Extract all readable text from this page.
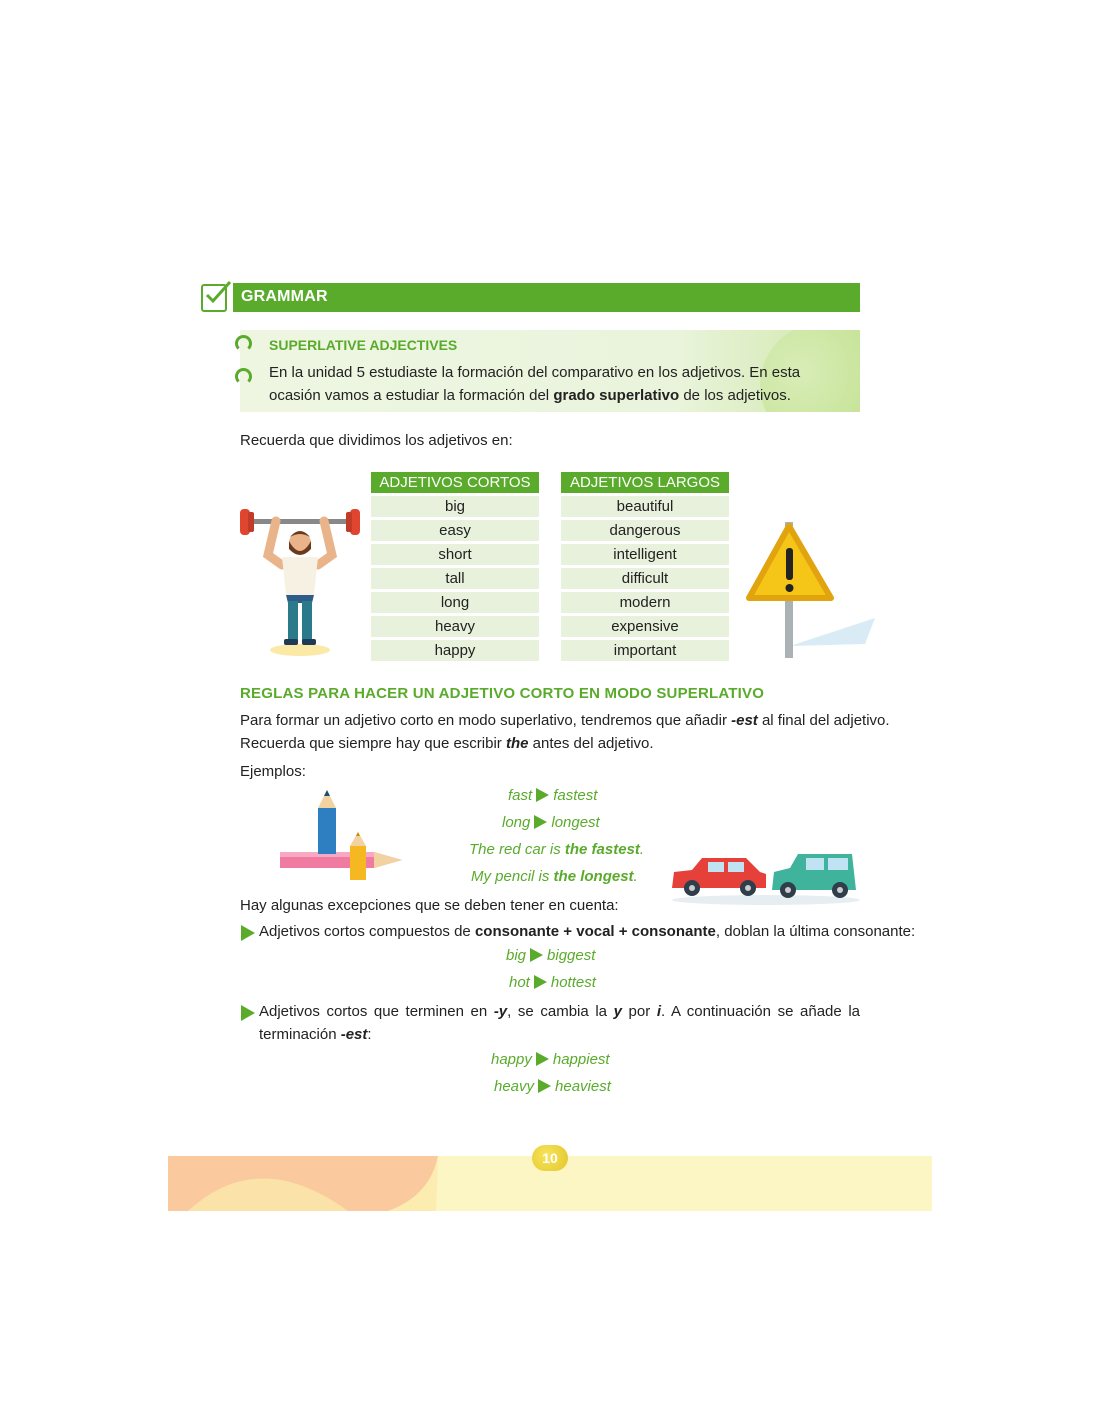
GRAMMAR
SUPERLATIVE ADJECTIVES
En la unidad 5 estudiaste la formación del comparativo en los adjetivos. En esta ocasión vamos a estudiar la formación del grado superlativo de los adjetivos.
Recuerda que dividimos los adjetivos en:
ADJETIVOS CORTOS
big
easy
short
tall
long
heavy
happy
ADJETIVOS LARGOS
beautiful
dangerous
intelligent
difficult
modern
expensive
important
REGLAS PARA HACER UN ADJETIVO CORTO EN MODO SUPERLATIVO
Para formar un adjetivo corto en modo superlativo, tendremos que añadir -est al final del adjetivo.
Recuerda que siempre hay que escribir the antes del adjetivo.
Ejemplos:
fast fastest
long longest
The red car is the fastest.
My pencil is the longest.
Hay algunas excepciones que se deben tener en cuenta:
Adjetivos cortos compuestos de consonante + vocal + consonante, doblan la última consonante:
big biggest
hot hottest
Adjetivos cortos que terminen en -y, se cambia la y por i. A continuación se añade la terminación -est:
happy happiest
heavy heaviest
10
